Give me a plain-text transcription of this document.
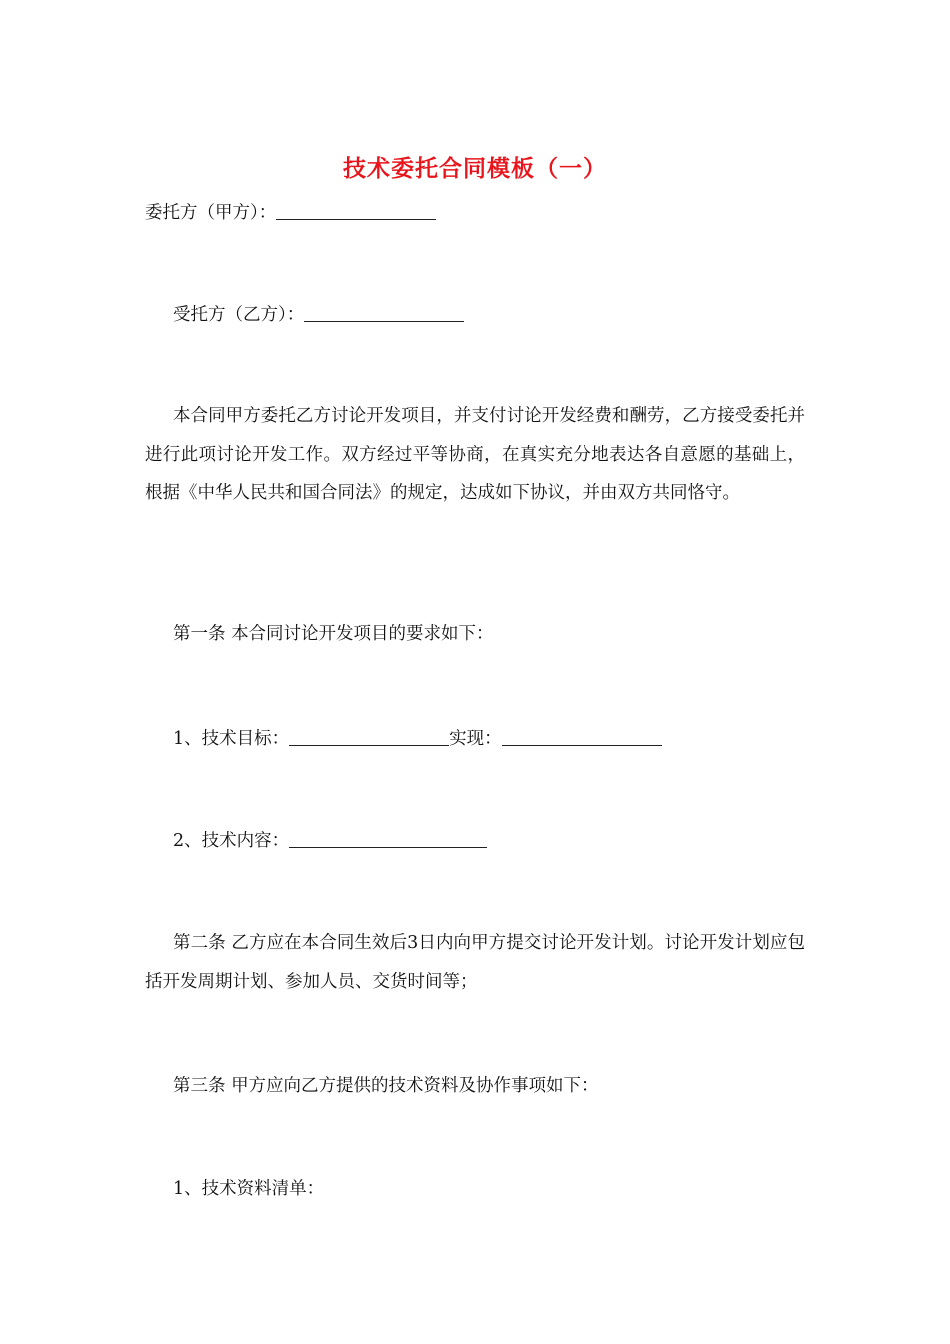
技术委托合同模板（一）
委托方（甲方）：
受托方（乙方）：
本合同甲方委托乙方讨论开发项目，并支付讨论开发经费和酬劳，乙方接受委托并进行此项讨论开发工作。双方经过平等协商，在真实充分地表达各自意愿的基础上，根据《中华人民共和国合同法》的规定，达成如下协议，并由双方共同恪守。
第一条 本合同讨论开发项目的要求如下：
1、技术目标：	实现：
2、技术内容：
第二条 乙方应在本合同生效后3日内向甲方提交讨论开发计划。讨论开发计划应包括开发周期计划、参加人员、交货时间等；
第三条 甲方应向乙方提供的技术资料及协作事项如下：
1、技术资料清单：
